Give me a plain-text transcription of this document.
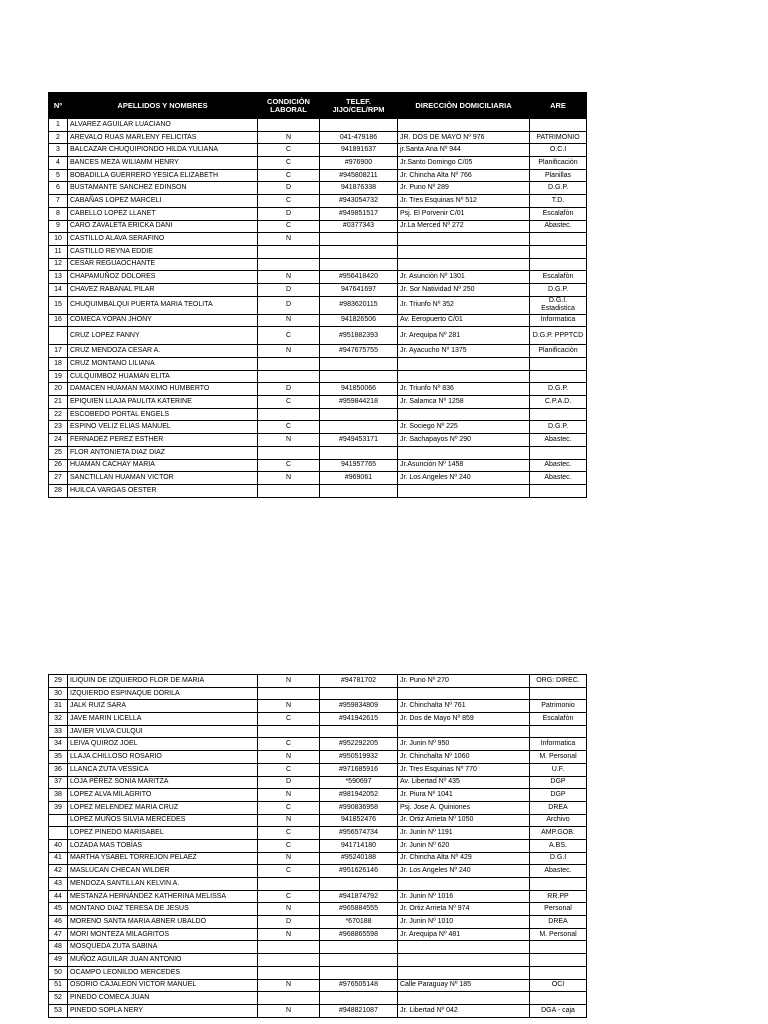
Nº	APELLIDOS Y NOMBRES	CONDICIÒN LABORAL	TELEF. JIJO/CEL/RPM	DIRECCIÒN DOMICILIARIA	ARE
1	ALVAREZ AGUILAR LUACIANO				
2	AREVALO RUAS MARLENY FELICITAS	N	041-479186	JR. DOS DE MAYO Nº 976	PATRIMONIO
3	BALCAZAR CHUQUIPIONDO HILDA YULIANA	C	941891637	jr.Santa Ana Nº 944	O.C.I
4	BANCES MEZA WILIAMM HENRY	C	#976900	Jr.Santo Domingo C/05	Planificaciòn
5	BOBADILLA GUERRERO YESICA ELIZABETH	C	#945808211	Jr. Chincha Alta Nº 766	Planillas
6	BUSTAMANTE SANCHEZ EDINSON	D	941876338	Jr. Puno Nº 289	D.G.P.
7	CABAÑAS LOPEZ MARCELI	C	#943054732	Jr. Tres Esquinas Nº 512	T.D.
8	CABELLO LOPEZ LLANET	D	#949851517	Psj. El Porvenir C/01	Escalafòn
9	CARO ZAVALETA ERICKA DANI	C	#0377343	Jr.La Merced Nº 272	Abastec.
10	CASTILLO ALAVA SERAFINO	N			
11	CASTILLO REYNA EDDIE				
12	CESAR REGUAOCHANTE				
13	CHAPAMUÑOZ DOLORES	N	#956418420	Jr. Asunciòn Nº 1301	Escalafòn
14	CHAVEZ RABANAL PILAR	D	947641697	Jr. Sor Natividad Nº 250	D.G.P.
15	CHUQUIMBALQUI PUERTA MARIA TEOLITA	D	#983620115	Jr. Triunfo Nº 352	D.G.I. Estadistica
16	COMECA YOPAN JHONY	N	941826506	Av. Eeropuerto C/01	Informatica
	CRUZ LOPEZ FANNY	C	#951882393	Jr. Arequipa Nº 281	D.G.P. PPPTCD
17	CRUZ MENDOZA CESAR A.	N	#947675755	Jr. Ayacucho Nº 1375	Planificaciòn
18	CRUZ MONTANO LILIANA				
19	CULQUIMBOZ HUAMAN ELITA				
20	DAMACEN HUAMAN MAXIMO HUMBERTO	D	941850066	Jr. Triunfo Nº 836	D.G.P.
21	EPIQUIEN LLAJA PAULITA KATERINE	C	#959844218	Jr. Salamca Nº 1258	C.P.A.D.
22	ESCOBEDO PORTAL ENGELS				
23	ESPINO VELIZ ELIAS MANUEL	C		Jr. Sociego Nº 225	D.G.P.
24	FERNADEZ PEREZ ESTHER	N	#949453171	Jr. Sachapayos Nº 290	Abastec.
25	FLOR ANTONIETA DIAZ DIAZ				
26	HUAMAN CACHAY MARIA	C	941957765	Jr.Asunciòn Nº 1458	Abastec.
27	SANCTILLAN HUAMAN VICTOR	N	#969061	Jr. Los Angeles Nº 240	Abastec.
28	HUILCA VARGAS OESTER				
29	ILIQUIN DE IZQUIERDO FLOR DE MARIA	N	#94781702	Jr. Puno Nº 270	ORG: DIREC.
30	IZQUIERDO ESPINAQUE DORILA				
31	JALK RUIZ SARA	N	#959834809	Jr. Chinchalta Nº 761	Patrimonio
32	JAVE MARIN LICELLA	C	#941942615	Jr. Dos de Mayo Nº 859	Escalafòn
33	JAVIER VILVA CULQUI				
34	LEIVA QUIROZ JOEL	C	#952292205	Jr. Junin Nº 950	Informatica
35	LLAJA CHILLOSO ROSARIO	N	#950519932	Jr. Chinchalta Nº 1060	M. Personal
36	LLANCA ZUTA VESSICA	C	#971685916	Jr. Tres Esquinas Nº 770	U.F.
37	LOJA PÉREZ SONIA MARITZA	D	*590697	Av. Libertad Nº 435	DGP
38	LOPEZ ALVA MILAGRITO	N	#981942052	Jr. Piura Nº 1041	DGP
39	LOPEZ MELENDEZ MARIA CRUZ	C	#990836958	Psj. Jose A. Quiniones	DREA
	LOPEZ MUÑOS SILVIA MERCEDES	N	941852476	Jr. Ortiz Arrieta Nº 1050	Archivo
	LOPEZ PINEDO MARISABEL	C	#956574734	Jr. Junin Nº 1191	AMP.GOB.
40	LOZADA MAS TOBÌAS	C	941714180	Jr. Junin Nº 620	A.BS.
41	MARTHA YSABEL TORREJON PELAEZ	N	#95240188	Jr. Chincha Alta Nº 429	D.G.I
42	MASLUCAN CHECAN WILDER	C	#951626146	Jr. Los Angeles Nº 240	Abastec.
43	MENDOZA SANTILLAN KELVIN A.				
44	MESTANZA HERNÁNDEZ KATHERINA MELISSA	C	#941874792	Jr. Junin Nº 1016	RR.PP
45	MONTANO DIAZ TERESA DE JESUS	N	#965884555	Jr. Ortiz Arrieta Nº 974	Personal
46	MORENO SANTA MARIA ABNER UBALDO	D	*670188	Jr. Junin Nº 1010	DREA
47	MORI MONTEZA MILAGRITOS	N	#968865598	Jr. Arequipa Nº 481	M. Personal
48	MOSQUEDA ZUTA SABINA				
49	MUÑOZ AGUILAR JUAN ANTONIO				
50	OCAMPO LEONILDO MERCEDES				
51	OSORIO CAJALEON VICTOR MANUEL	N	#976505148	Calle Paraguay Nº 185	OCI
52	PINEDO COMECA JUAN				
53	PINEDO SOPLA NERY	N	#948821087	Jr. Libertad Nº 042	DGA - caja
